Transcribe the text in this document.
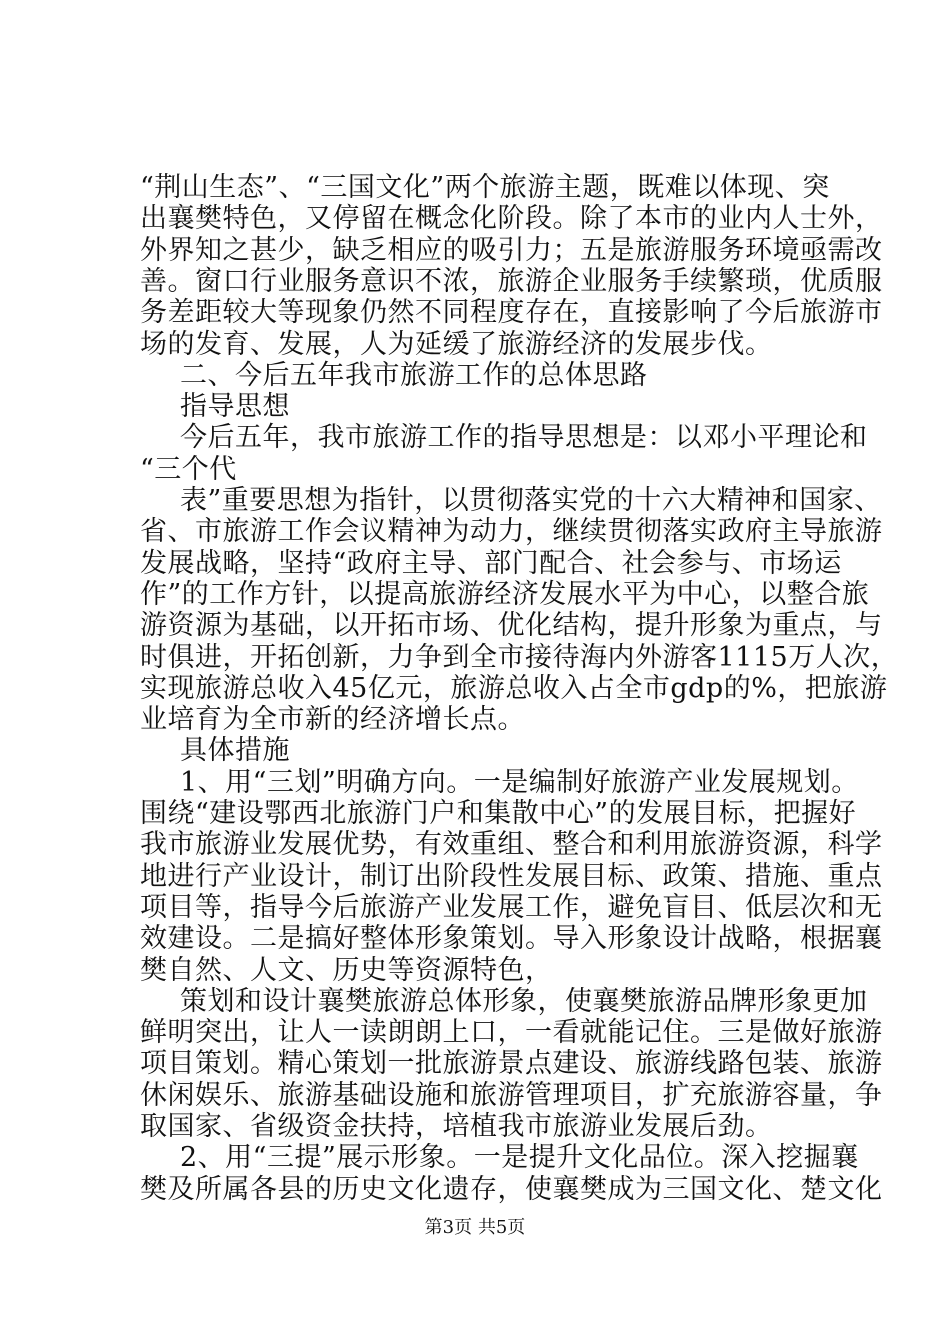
“荆山生态”、“三国文化”两个旅游主题，既难以体现、突
出襄樊特色，又停留在概念化阶段。除了本市的业内人士外，
外界知之甚少，缺乏相应的吸引力；五是旅游服务环境亟需改
善。窗口行业服务意识不浓，旅游企业服务手续繁琐，优质服
务差距较大等现象仍然不同程度存在，直接影响了今后旅游市
场的发育、发展，人为延缓了旅游经济的发展步伐。
二、今后五年我市旅游工作的总体思路
指导思想
今后五年，我市旅游工作的指导思想是：以邓小平理论和
“三个代
表”重要思想为指针，以贯彻落实党的十六大精神和国家、
省、市旅游工作会议精神为动力，继续贯彻落实政府主导旅游
发展战略，坚持“政府主导、部门配合、社会参与、市场运
作”的工作方针，以提高旅游经济发展水平为中心，以整合旅
游资源为基础，以开拓市场、优化结构，提升形象为重点，与
时俱进，开拓创新，力争到全市接待海内外游客1115万人次，
实现旅游总收入45亿元，旅游总收入占全市gdp的%，把旅游
业培育为全市新的经济增长点。
具体措施
1、用“三划”明确方向。一是编制好旅游产业发展规划。
围绕“建设鄂西北旅游门户和集散中心”的发展目标，把握好
我市旅游业发展优势，有效重组、整合和利用旅游资源，科学
地进行产业设计，制订出阶段性发展目标、政策、措施、重点
项目等，指导今后旅游产业发展工作，避免盲目、低层次和无
效建设。二是搞好整体形象策划。导入形象设计战略，根据襄
樊自然、人文、历史等资源特色，
策划和设计襄樊旅游总体形象，使襄樊旅游品牌形象更加
鲜明突出，让人一读朗朗上口，一看就能记住。三是做好旅游
项目策划。精心策划一批旅游景点建设、旅游线路包装、旅游
休闲娱乐、旅游基础设施和旅游管理项目，扩充旅游容量，争
取国家、省级资金扶持，培植我市旅游业发展后劲。
2、用“三提”展示形象。一是提升文化品位。深入挖掘襄
樊及所属各县的历史文化遗存，使襄樊成为三国文化、楚文化
第3页 共5页
